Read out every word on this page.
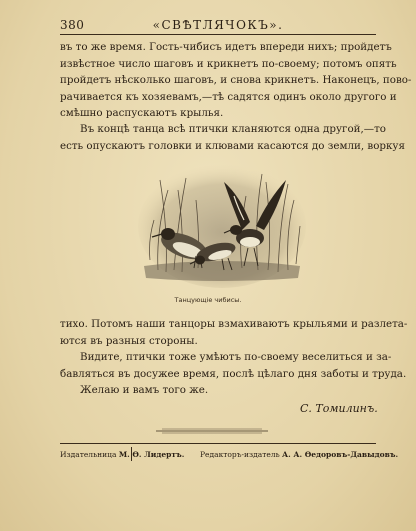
380	«СВѢТЛЯЧОКЪ».
въ то же время. Гость-чибисъ идетъ впереди нихъ; пройдетъ
извѣстное число шаговъ и крикнетъ по-своему; потомъ опять
пройдетъ нѣсколько шаговъ, и снова крикнетъ. Наконецъ, пово-
рачивается къ хозяевамъ,—тѣ садятся одинъ около другого и
смѣшно распускаютъ крылья.
Въ концѣ танца всѣ птички кланяются одна другой,—то
есть опускаютъ головки и клювами касаются до земли, воркуя
Танцующіе чибисы.
тихо. Потомъ наши танцоры взмахиваютъ крыльями и разлета-
ются въ разныя стороны.
Видите, птички тоже умѣютъ по-своему веселиться и за-
бавляться въ досужее время, послѣ цѣлаго дня заботы и труда.
Желаю и вамъ того же.
С. Томилинъ.
Издательница М. Ѳ. Лидертъ. Редакторъ-издатель А. А. Ѳедоровъ-Давыдовъ.
